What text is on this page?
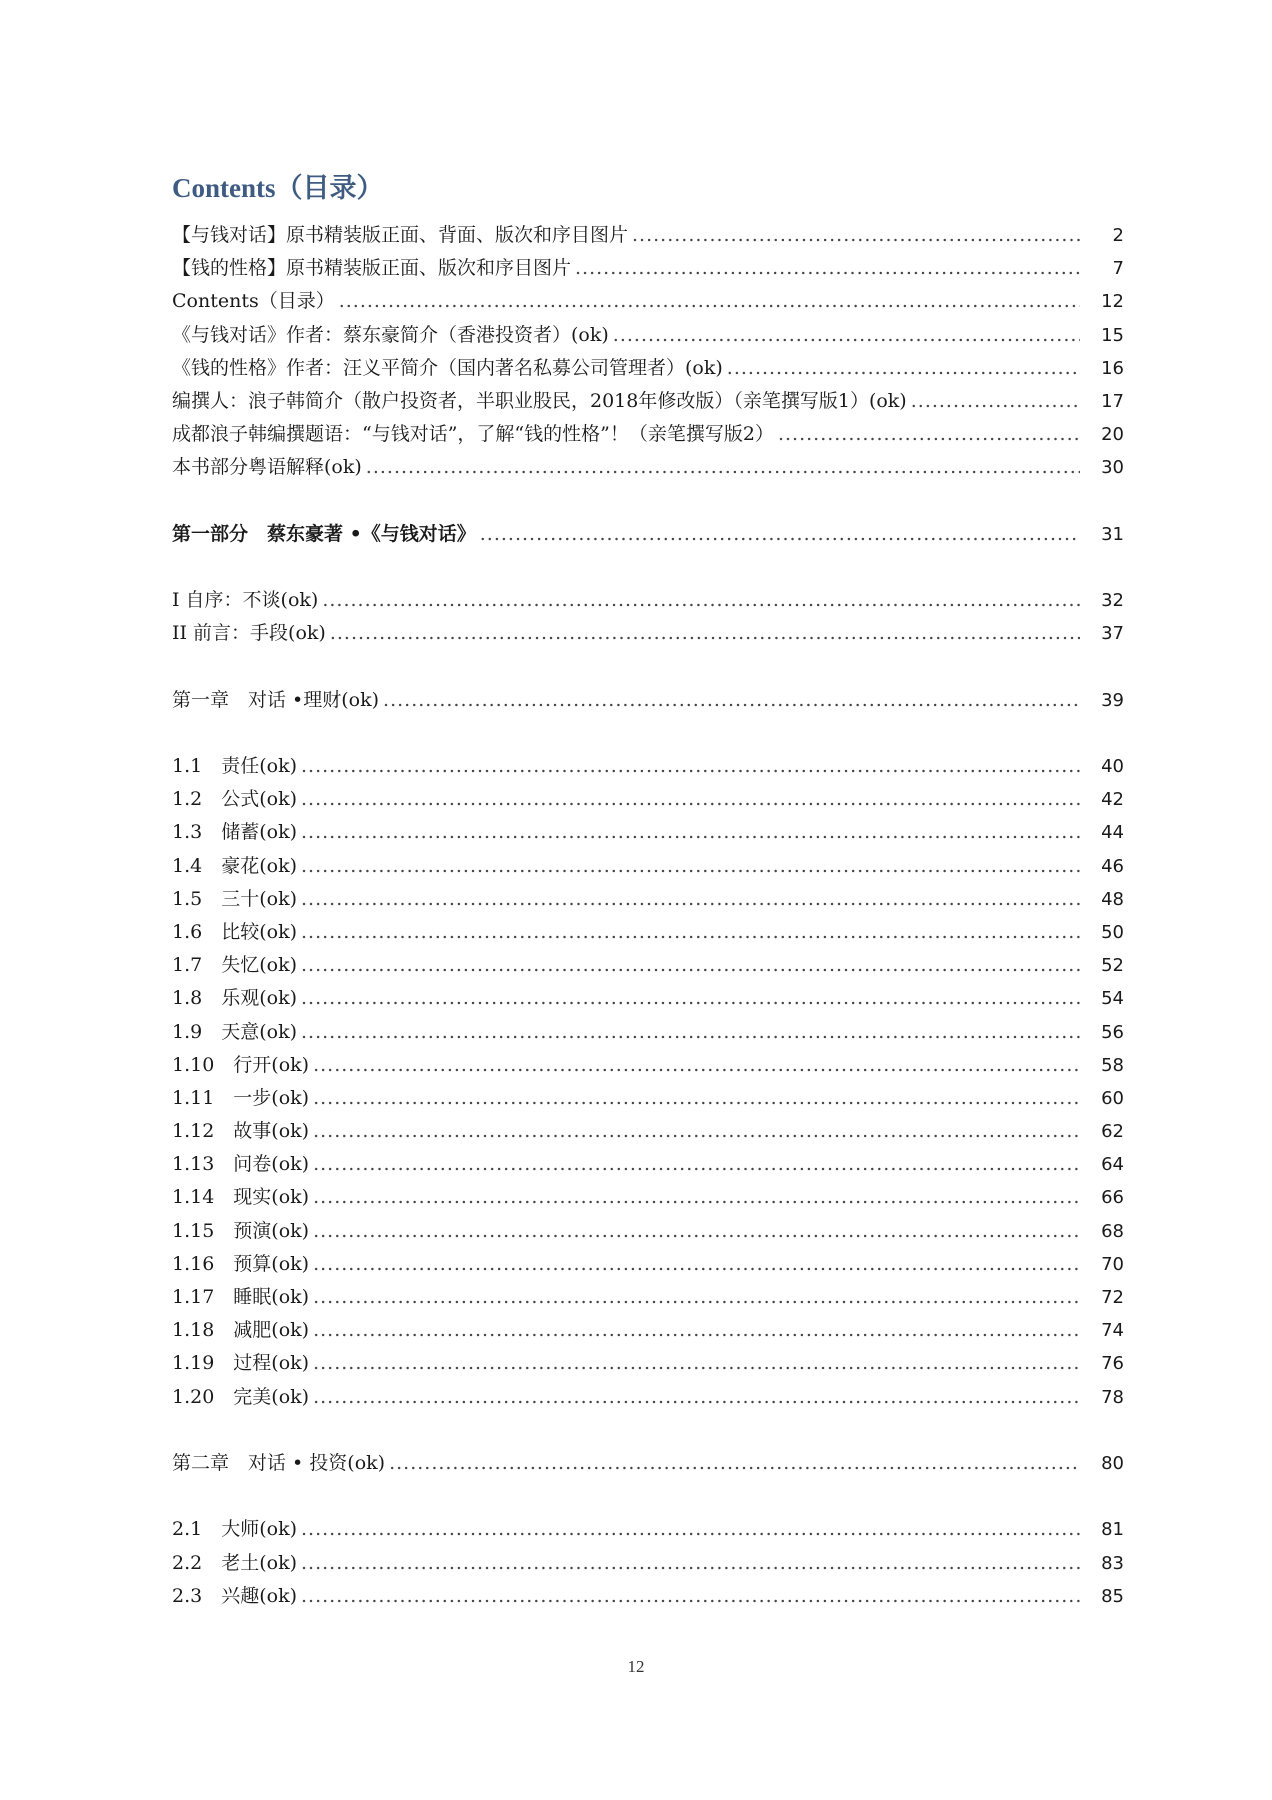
Contents（目录）
【与钱对话】原书精装版正面、背面、版次和序目图片 .....	2
【钱的性格】原书精装版正面、版次和序目图片 .....	7
Contents（目录） .....	12
《与钱对话》作者：蔡东豪简介（香港投资者）(ok) .....	15
《钱的性格》作者：汪义平简介（国内著名私募公司管理者）(ok) .....	16
编撰人：浪子韩简介（散户投资者，半职业股民，2018年修改版）（亲笔撰写版1）(ok) .....	17
成都浪子韩编撰题语：“与钱对话”，了解“钱的性格”！（亲笔撰写版2） .....	20
本书部分粤语解释(ok) .....	30
第一部分　蔡东豪著 •《与钱对话》 .....	31
I 自序：不谈(ok) .....	32
II 前言：手段(ok) .....	37
第一章　对话 •理财(ok) .....	39
1.1　责任(ok) .....	40
1.2　公式(ok) .....	42
1.3　储蓄(ok) .....	44
1.4　豪花(ok) .....	46
1.5　三十(ok) .....	48
1.6　比较(ok) .....	50
1.7　失忆(ok) .....	52
1.8　乐观(ok) .....	54
1.9　天意(ok) .....	56
1.10　行开(ok) .....	58
1.11　一步(ok) .....	60
1.12　故事(ok) .....	62
1.13　问卷(ok) .....	64
1.14　现实(ok) .....	66
1.15　预演(ok) .....	68
1.16　预算(ok) .....	70
1.17　睡眠(ok) .....	72
1.18　减肥(ok) .....	74
1.19　过程(ok) .....	76
1.20　完美(ok) .....	78
第二章　对话 • 投资(ok) .....	80
2.1　大师(ok) .....	81
2.2　老土(ok) .....	83
2.3　兴趣(ok) .....	85
12
